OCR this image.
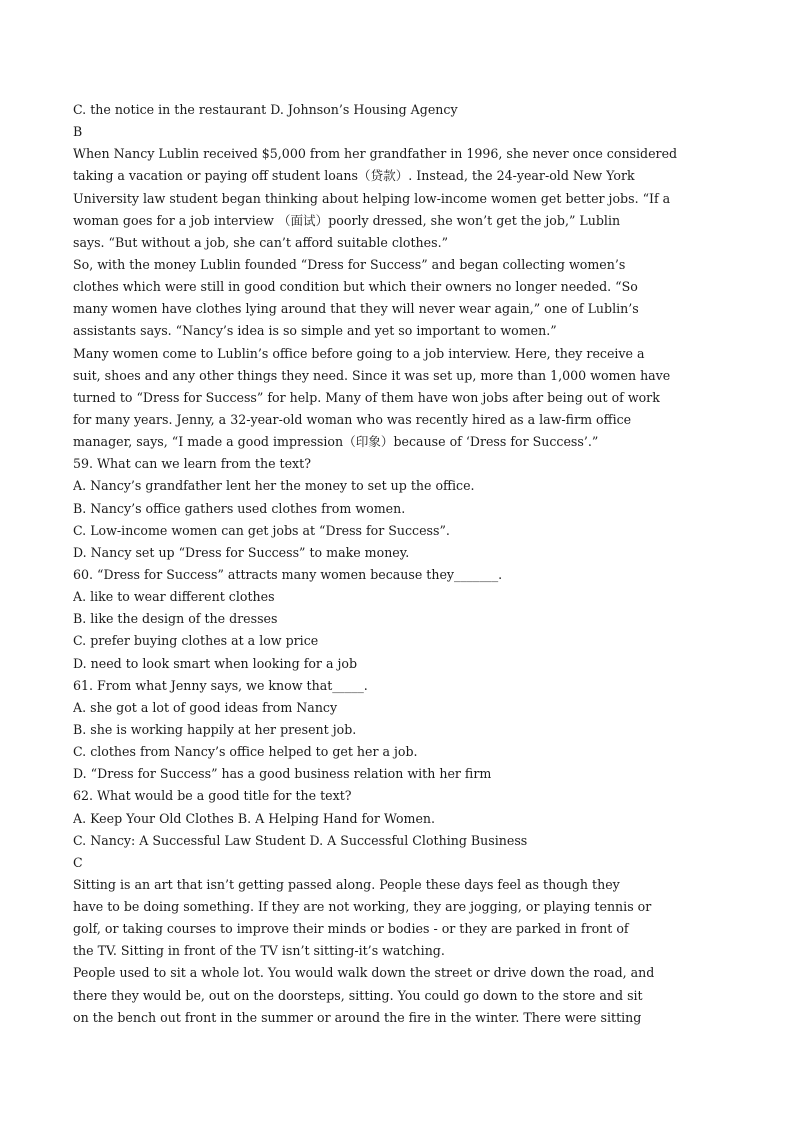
C. the notice in the restaurant D. Johnson’s Housing Agency
B
When Nancy Lublin received $5,000 from her grandfather in 1996, she never once considered
taking a vacation or paying off student loans（贷款）. Instead, the 24-year-old New York
University law student began thinking about helping low-income women get better jobs. “If a
woman goes for a job interview （面试）poorly dressed, she won’t get the job,” Lublin
says. “But without a job, she can’t afford suitable clothes.”
So, with the money Lublin founded “Dress for Success” and began collecting women’s
clothes which were still in good condition but which their owners no longer needed. “So
many women have clothes lying around that they will never wear again,” one of Lublin’s
assistants says. “Nancy’s idea is so simple and yet so important to women.”
Many women come to Lublin’s office before going to a job interview. Here, they receive a
suit, shoes and any other things they need. Since it was set up, more than 1,000 women have
turned to “Dress for Success” for help. Many of them have won jobs after being out of work
for many years. Jenny, a 32-year-old woman who was recently hired as a law-firm office
manager, says, “I made a good impression（印象）because of ‘Dress for Success’.”
59. What can we learn from the text?
A. Nancy’s grandfather lent her the money to set up the office.
B. Nancy’s office gathers used clothes from women.
C. Low-income women can get jobs at “Dress for Success”.
D. Nancy set up “Dress for Success” to make money.
60. “Dress for Success” attracts many women because they_______.
A. like to wear different clothes
B. like the design of the dresses
C. prefer buying clothes at a low price
D. need to look smart when looking for a job
61. From what Jenny says, we know that_____.
A. she got a lot of good ideas from Nancy
B. she is working happily at her present job.
C. clothes from Nancy’s office helped to get her a job.
D. “Dress for Success” has a good business relation with her firm
62. What would be a good title for the text?
A. Keep Your Old Clothes B. A Helping Hand for Women.
C. Nancy: A Successful Law Student D. A Successful Clothing Business
C
Sitting is an art that isn’t getting passed along. People these days feel as though they
have to be doing something. If they are not working, they are jogging, or playing tennis or
golf, or taking courses to improve their minds or bodies - or they are parked in front of
the TV. Sitting in front of the TV isn’t sitting-it’s watching.
People used to sit a whole lot. You would walk down the street or drive down the road, and
there they would be, out on the doorsteps, sitting. You could go down to the store and sit
on the bench out front in the summer or around the fire in the winter. There were sitting
